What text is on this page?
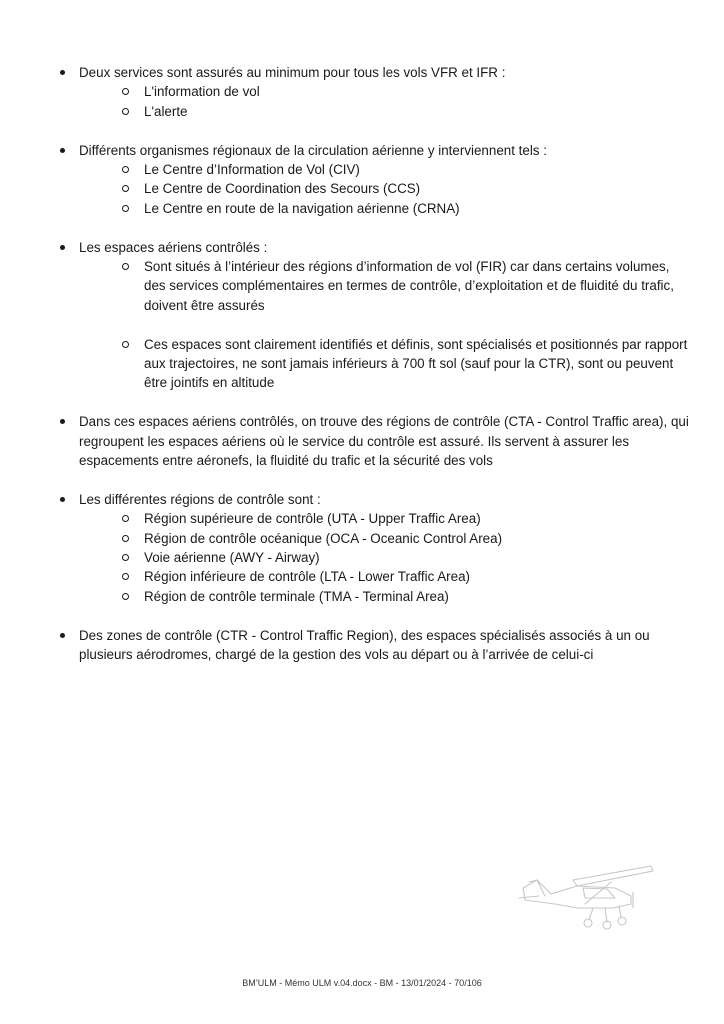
Deux services sont assurés au minimum pour tous les vols VFR et IFR :
L'information de vol
L'alerte
Différents organismes régionaux de la circulation aérienne y interviennent tels :
Le Centre d’Information de Vol (CIV)
Le Centre de Coordination des Secours (CCS)
Le Centre en route de la navigation aérienne (CRNA)
Les espaces aériens contrôlés :
Sont situés à l’intérieur des régions d’information de vol (FIR) car dans certains volumes, des services complémentaires en termes de contrôle, d’exploitation et de fluidité du trafic, doivent être assurés
Ces espaces sont clairement identifiés et définis, sont spécialisés et positionnés par rapport aux trajectoires, ne sont jamais inférieurs à 700 ft sol (sauf pour la CTR), sont ou peuvent être jointifs en altitude
Dans ces espaces aériens contrôlés, on trouve des régions de contrôle (CTA - Control Traffic area), qui regroupent les espaces aériens où le service du contrôle est assuré. Ils servent à assurer les espacements entre aéronefs, la fluidité du trafic et la sécurité des vols
Les différentes régions de contrôle sont :
Région supérieure de contrôle (UTA - Upper Traffic Area)
Région de contrôle océanique (OCA - Oceanic Control Area)
Voie aérienne (AWY - Airway)
Région inférieure de contrôle (LTA - Lower Traffic Area)
Région de contrôle terminale (TMA - Terminal Area)
Des zones de contrôle (CTR - Control Traffic Region), des espaces spécialisés associés à un ou plusieurs aérodromes, chargé de la gestion des vols au départ ou à l’arrivée de celui-ci
BM’ULM - Mémo ULM v.04.docx - BM - 13/01/2024 - 70/106
